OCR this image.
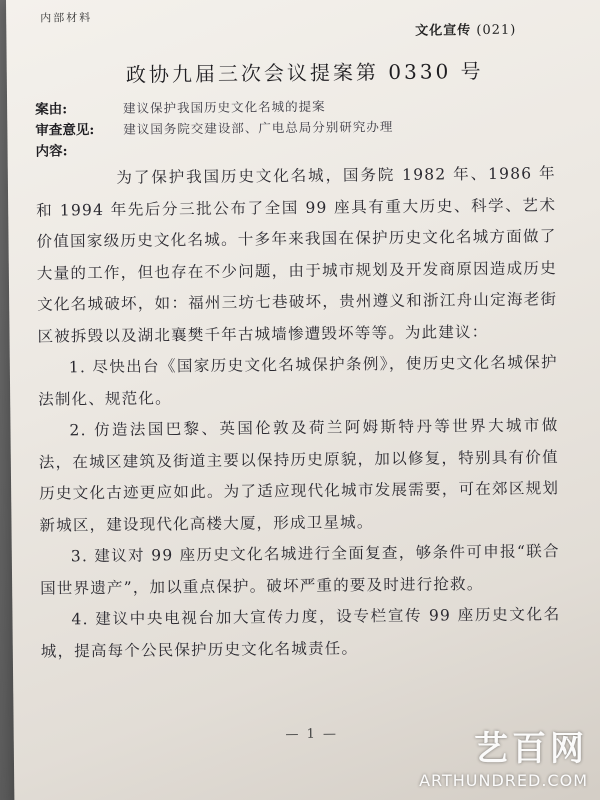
内部材料
文化宣传 (021)
政协九届三次会议提案第 0330 号
案由:	建议保护我国历史文化名城的提案
审查意见: 建议国务院交建设部、广电总局分别研究办理
内容:

为了保护我国历史文化名城，国务院 1982 年、1986 年和 1994 年先后分三批公布了全国 99 座具有重大历史、科学、艺术价值国家级历史文化名城。十多年来我国在保护历史文化名城方面做了大量的工作，但也存在不少问题，由于城市规划及开发商原因造成历史文化名城破坏，如：福州三坊七巷破坏，贵州遵义和浙江舟山定海老街区被拆毁以及湖北襄樊千年古城墙惨遭毁坏等等。为此建议：

1. 尽快出台《国家历史文化名城保护条例》，使历史文化名城保护法制化、规范化。

2. 仿造法国巴黎、英国伦敦及荷兰阿姆斯特丹等世界大城市做法，在城区建筑及街道主要以保持历史原貌，加以修复，特别具有价值历史文化古迹更应如此。为了适应现代化城市发展需要，可在郊区规划新城区，建设现代化高楼大厦，形成卫星城。

3. 建议对 99 座历史文化名城进行全面复查，够条件可申报“联合国世界遗产”，加以重点保护。破坏严重的要及时进行抢救。

4. 建议中央电视台加大宣传力度，设专栏宣传 99 座历史文化名城，提高每个公民保护历史文化名城责任。

— 1 —	艺百网
ARTHUNDRED.COM
